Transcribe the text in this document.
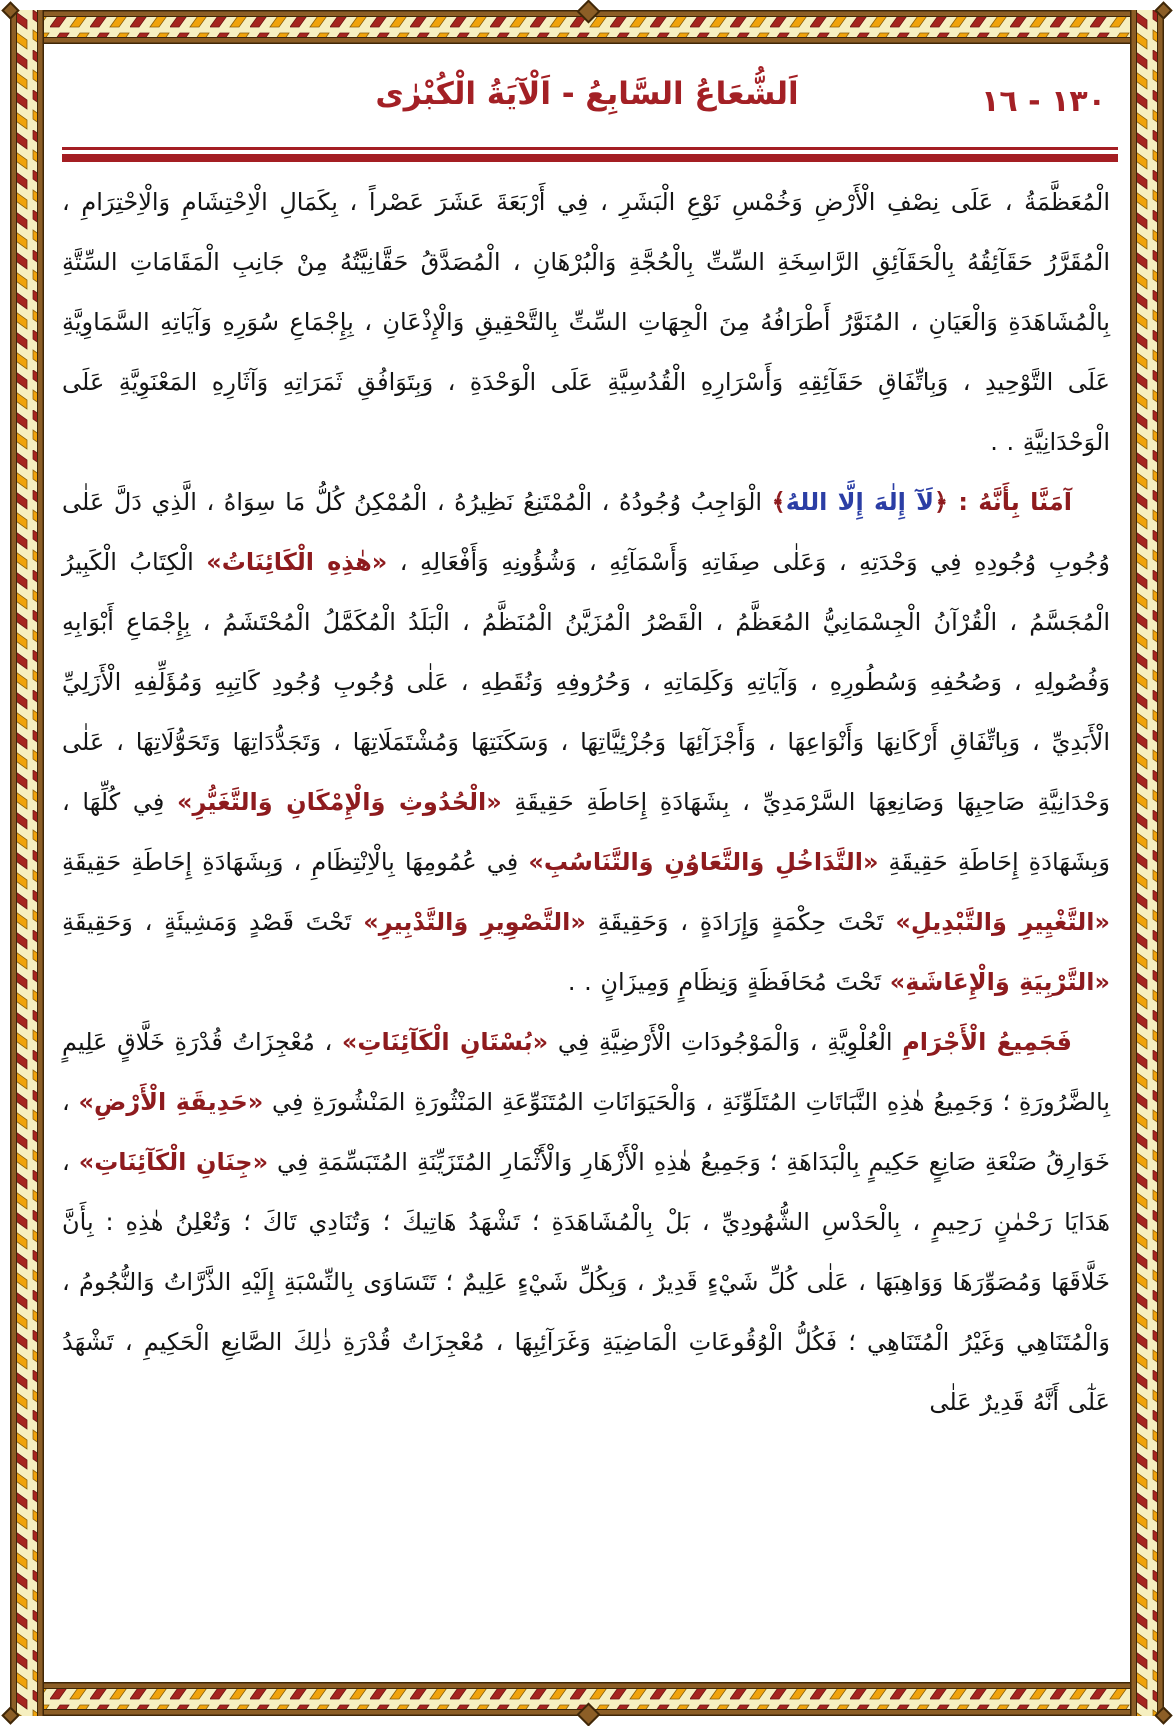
١٣٠ - ١٦
اَلشُّعَاعُ السَّابِعُ - اَلْآيَةُ الْكُبْرٰى

الْمُعَظَّمَةُ ، عَلَى نِصْفِ الْأَرْضِ وَخُمْسِ نَوْعِ الْبَشَرِ ، فِي أَرْبَعَةَ عَشَرَ عَصْراً ، بِكَمَالِ الْاِحْتِشَامِ وَالْاِحْتِرَامِ ، الْمُقَرَّرُ حَقَآئِقُهُ بِالْحَقَآئِقِ الرَّاسِخَةِ السِّتِّ بِالْحُجَّةِ وَالْبُرْهَانِ ، الْمُصَدَّقُ حَقَّانِيَّتُهُ مِنْ جَانِبِ الْمَقَامَاتِ السِّتَّةِ بِالْمُشَاهَدَةِ وَالْعَيَانِ ، المُنَوَّرُ أَطْرَافُهُ مِنَ الْجِهَاتِ السِّتِّ بِالتَّحْقِيقِ وَالْإِذْعَانِ ، بِإِجْمَاعِ سُوَرِهِ وَآيَاتِهِ السَّمَاوِيَّةِ عَلَى التَّوْحِيدِ ، وَبِاتِّفَاقِ حَقَآئِقِهِ وَأَسْرَارِهِ الْقُدُسِيَّةِ عَلَى الْوَحْدَةِ ، وَبِتَوَافُقِ ثَمَرَاتِهِ وَآثَارِهِ المَعْنَوِيَّةِ عَلَى الْوَحْدَانِيَّةِ . .

آمَنَّا بِأَنَّهُ : ﴿لَآ إِلٰهَ إِلَّا اللهُ﴾ الْوَاجِبُ وُجُودُهُ ، الْمُمْتَنِعُ نَظِيرُهُ ، الْمُمْكِنُ كُلُّ مَا سِوَاهُ ، الَّذِي دَلَّ عَلٰى وُجُوبِ وُجُودِهِ فِي وَحْدَتِهِ ، وَعَلٰى صِفَاتِهِ وَأَسْمَآئِهِ ، وَشُؤُونِهِ وَأَفْعَالِهِ ، «هٰذِهِ الْكَائِنَاتُ» الْكِتَابُ الْكَبِيرُ الْمُجَسَّمُ ، الْقُرْآنُ الْجِسْمَانِيُّ المُعَظَّمُ ، الْقَصْرُ الْمُزَيَّنُ الْمُنَظَّمُ ، الْبَلَدُ الْمُكَمَّلُ الْمُحْتَشَمُ ، بِإِجْمَاعِ أَبْوَابِهِ وَفُصُولِهِ ، وَصُحُفِهِ وَسُطُورِهِ ، وَآيَاتِهِ وَكَلِمَاتِهِ ، وَحُرُوفِهِ وَنُقَطِهِ ، عَلٰى وُجُوبِ وُجُودِ كَاتِبِهِ وَمُؤَلِّفِهِ الْأَزَلِيِّ الْأَبَدِيِّ ، وَبِاتِّفَاقِ أَرْكَانِهَا وَأَنْوَاعِهَا ، وَأَجْزَآئِهَا وَجُزْئِيَّاتِهَا ، وَسَكَنَتِهَا وَمُشْتَمَلَاتِهَا ، وَتَجَدُّدَاتِهَا وَتَحَوُّلَاتِهَا ، عَلٰى وَحْدَانِيَّةِ صَاحِبِهَا وَصَانِعِهَا السَّرْمَدِيِّ ، بِشَهَادَةِ إِحَاطَةِ حَقِيقَةِ «الْحُدُوثِ وَالْإِمْكَانِ وَالتَّغَيُّرِ» فِي كُلِّهَا ، وَبِشَهَادَةِ إِحَاطَةِ حَقِيقَةِ «التَّدَاخُلِ وَالتَّعَاوُنِ وَالتَّنَاسُبِ» فِي عُمُومِهَا بِالْاِنْتِظَامِ ، وَبِشَهَادَةِ إِحَاطَةِ حَقِيقَةِ «التَّغْيِيرِ وَالتَّبْدِيلِ» تَحْتَ حِكْمَةٍ وَإِرَادَةٍ ، وَحَقِيقَةِ «التَّصْوِيرِ وَالتَّدْبِيرِ» تَحْتَ قَصْدٍ وَمَشِيئَةٍ ، وَحَقِيقَةِ «التَّرْبِيَةِ وَالْإِعَاشَةِ» تَحْتَ مُحَافَظَةٍ وَنِظَامٍ وَمِيزَانٍ . .

فَجَمِيعُ الْأَجْرَامِ الْعُلْوِيَّةِ ، وَالْمَوْجُودَاتِ الْأَرْضِيَّةِ فِي «بُسْتَانِ الْكَآئِنَاتِ» ، مُعْجِزَاتُ قُدْرَةِ خَلَّاقٍ عَلِيمٍ بِالضَّرُورَةِ ؛ وَجَمِيعُ هٰذِهِ النَّبَاتَاتِ المُتَلَوِّنَةِ ، وَالْحَيَوَانَاتِ المُتَنَوِّعَةِ المَنْثُورَةِ المَنْشُورَةِ فِي «حَدِيقَةِ الْأَرْضِ» ، خَوَارِقُ صَنْعَةِ صَانِعٍ حَكِيمٍ بِالْبَدَاهَةِ ؛ وَجَمِيعُ هٰذِهِ الْأَزْهَارِ وَالْأَثْمَارِ المُتَزَيِّنَةِ المُتَبَسِّمَةِ فِي «جِنَانِ الْكَآئِنَاتِ» ، هَدَايَا رَحْمٰنٍ رَحِيمٍ ، بِالْحَدْسِ الشُّهُودِيِّ ، بَلْ بِالْمُشَاهَدَةِ ؛ تَشْهَدُ هَاتِيكَ ؛ وَتُنَادِي تَاكَ ؛ وَتُعْلِنُ هٰذِهِ : بِأَنَّ خَلَّاقَهَا وَمُصَوِّرَهَا وَوَاهِبَهَا ، عَلٰى كُلِّ شَيْءٍ قَدِيرٌ ، وَبِكُلِّ شَيْءٍ عَلِيمٌ ؛ تَتَسَاوَى بِالنِّسْبَةِ إِلَيْهِ الذَّرَّاتُ وَالنُّجُومُ ، وَالْمُتَنَاهِي وَغَيْرُ الْمُتَنَاهِي ؛ فَكُلُّ الْوُقُوعَاتِ الْمَاضِيَةِ وَغَرَآئِبِهَا ، مُعْجِزَاتُ قُدْرَةِ ذٰلِكَ الصَّانِعِ الْحَكِيمِ ، تَشْهَدُ عَلٰٓى أَنَّهُ قَدِيرٌ عَلٰى
